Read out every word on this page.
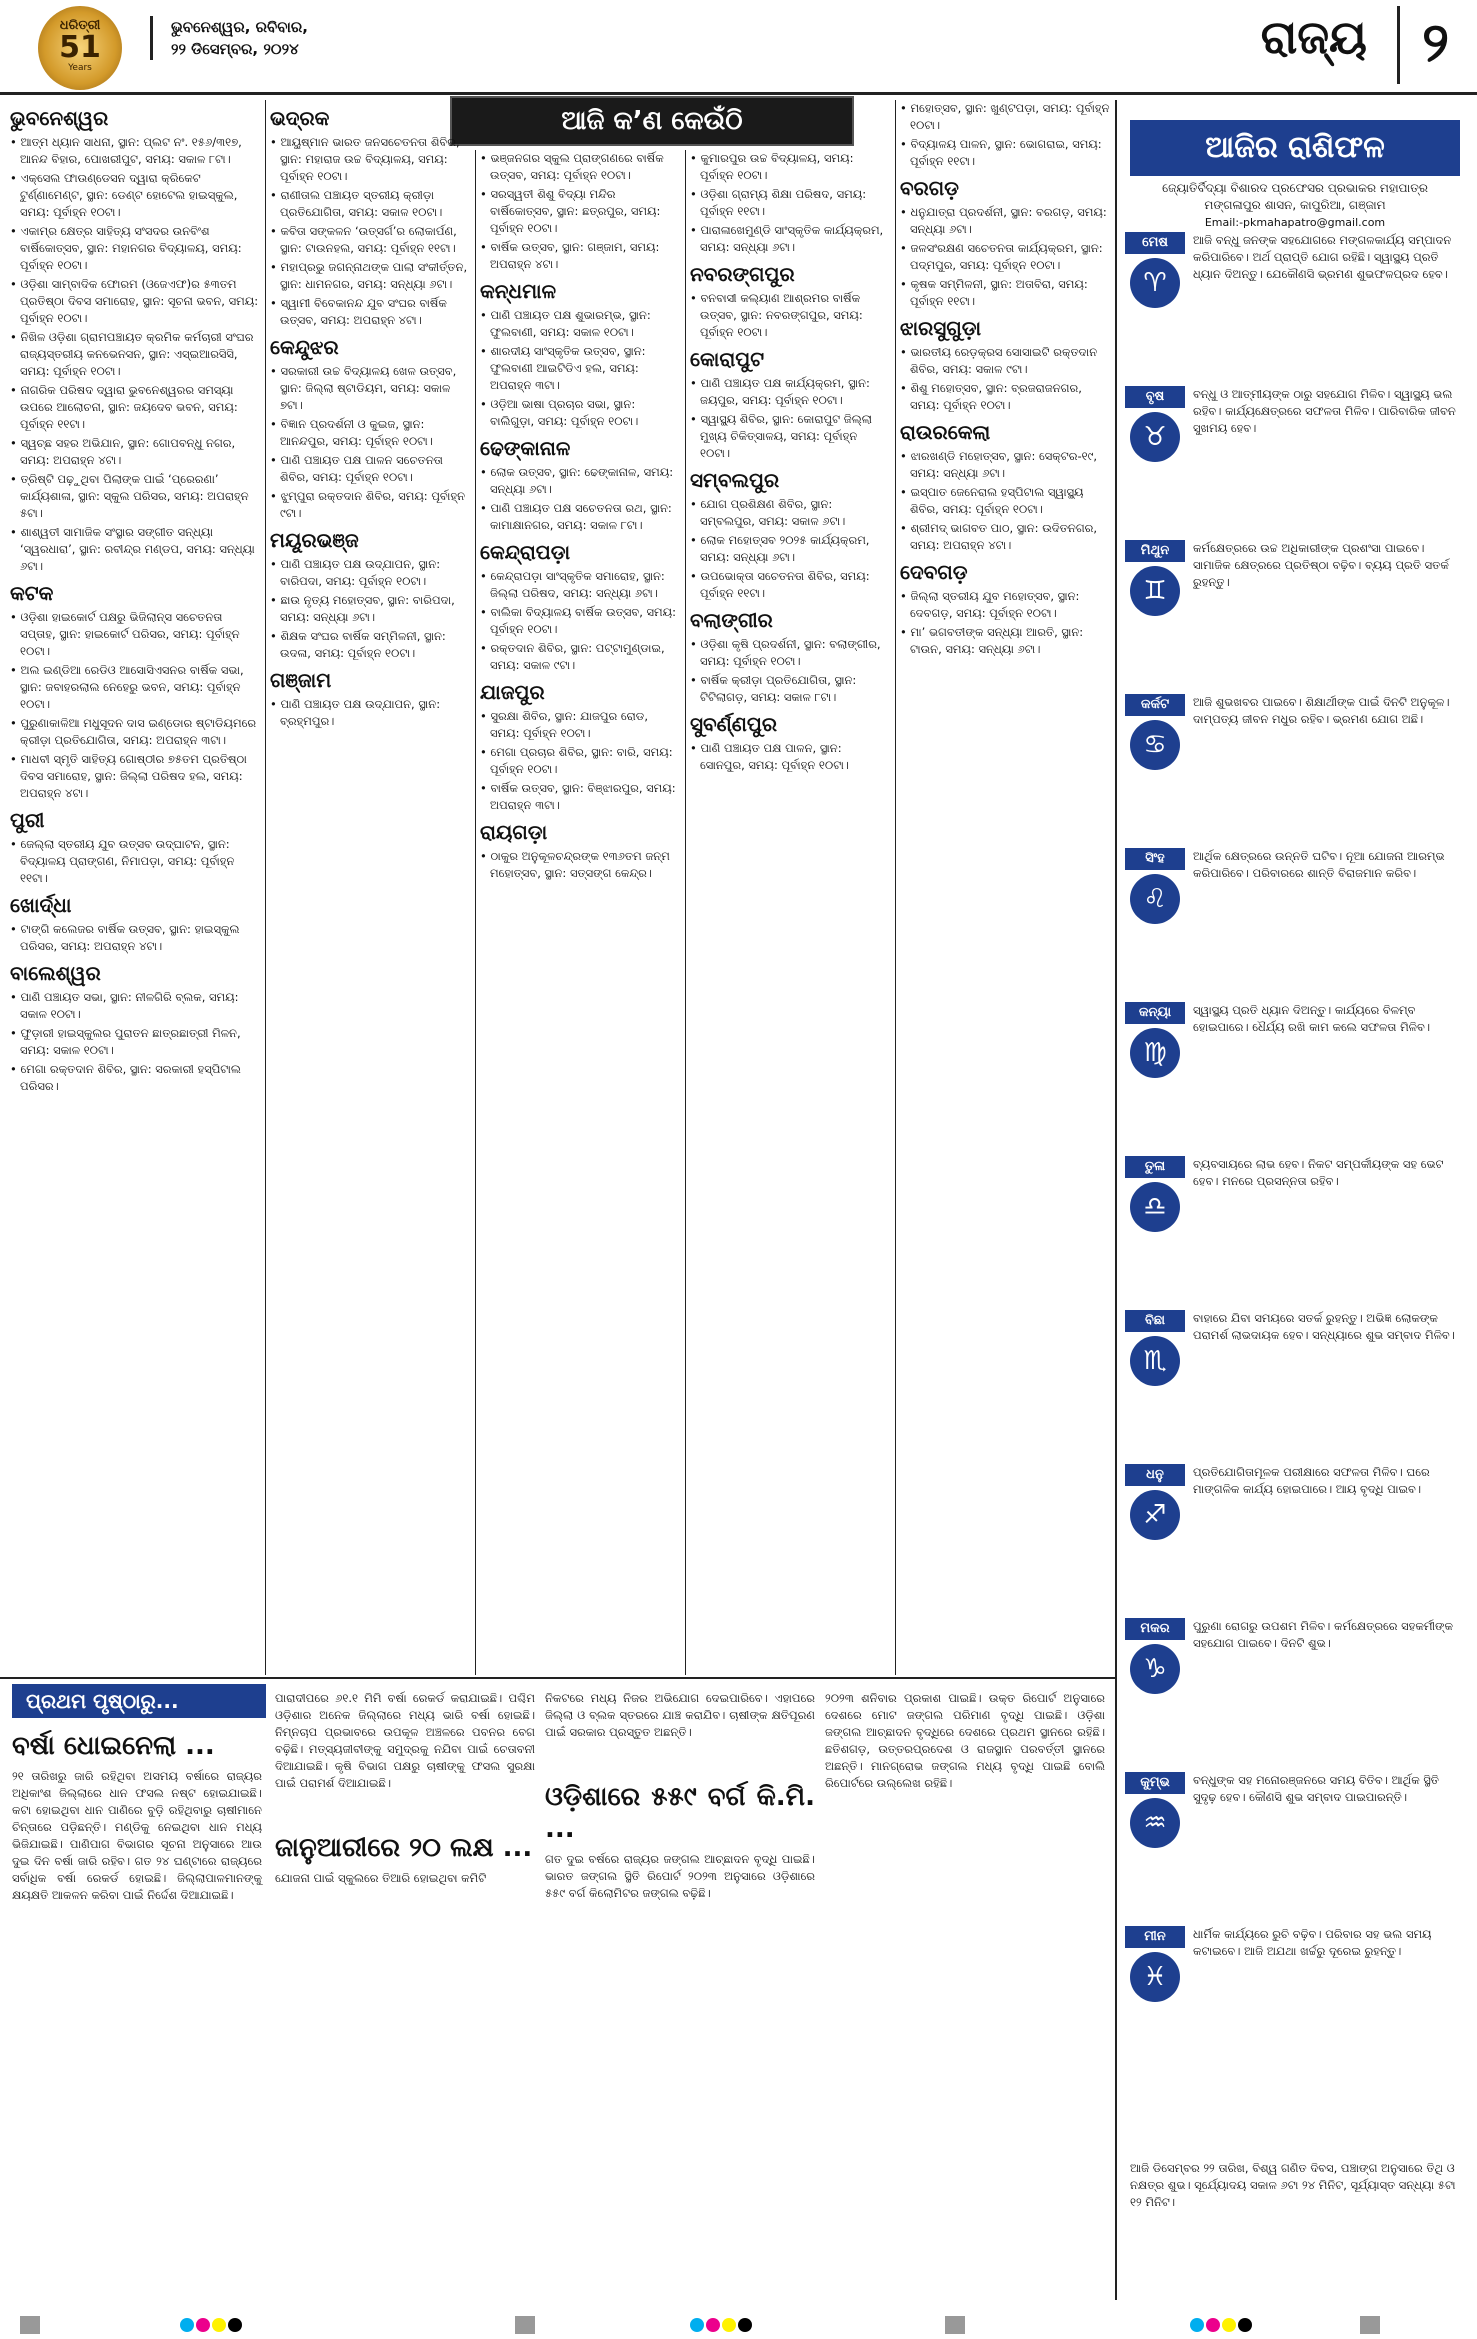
ଧରିତ୍ରୀ
51
Years
ଭୁବନେଶ୍ୱର, ରବିବାର,
୨୨ ଡିସେମ୍ବର, ୨୦୨୪	ରାଜ୍ୟ	୨
ଆଜି କ’ଣ କେଉଁଠି
ଭୁବନେଶ୍ୱର
• ଆତ୍ମ ଧ୍ୟାନ ସାଧନା, ସ୍ଥାନ: ପ୍ଲଟ ନଂ. ୧୫୬/୩୧୭, ଆନନ୍ଦ ବିହାର, ପୋଖରୀପୁଟ, ସମୟ: ସକାଳ ୮ଟା।
• ଏକ୍ସେଲ ଫାଉଣ୍ଡେସନ ଦ୍ୱାରା କ୍ରିକେଟ ଟୁର୍ଣ୍ଣାମେଣ୍ଟ, ସ୍ଥାନ: ଡେଣ୍ଟ ହୋଟେଲ ହାଇସ୍କୁଲ, ସମୟ: ପୂର୍ବାହ୍ନ ୧୦ଟା।
• ଏକାମ୍ର କ୍ଷେତ୍ର ସାହିତ୍ୟ ସଂସଦର ଉନବିଂଶ ବାର୍ଷିକୋତ୍ସବ, ସ୍ଥାନ: ମହାନଗର ବିଦ୍ୟାଳୟ, ସମୟ: ପୂର୍ବାହ୍ନ ୧୦ଟା।
• ଓଡ଼ିଶା ସାମ୍ବାଦିକ ଫୋରମ (ଓଜେଏଫ)ର ୫୩ତମ ପ୍ରତିଷ୍ଠା ଦିବସ ସମାରୋହ, ସ୍ଥାନ: ସୂଚନା ଭବନ, ସମୟ: ପୂର୍ବାହ୍ନ ୧୦ଟା।
• ନିଖିଳ ଓଡ଼ିଶା ଗ୍ରାମପଞ୍ଚାୟତ କ୍ରମିକ କର୍ମଚାରୀ ସଂଘର ରାଜ୍ୟସ୍ତରୀୟ କନଭେନସନ, ସ୍ଥାନ: ଏସ୍‌ଇଆରସିସି, ସମୟ: ପୂର୍ବାହ୍ନ ୧୦ଟା।
• ନାଗରିକ ପରିଷଦ ଦ୍ୱାରା ଭୁବନେଶ୍ୱରର ସମସ୍ୟା ଉପରେ ଆଲୋଚନା, ସ୍ଥାନ: ଜୟଦେବ ଭବନ, ସମୟ: ପୂର୍ବାହ୍ନ ୧୧ଟା।
• ସ୍ୱଚ୍ଛ ସହର ଅଭିଯାନ, ସ୍ଥାନ: ଗୋପବନ୍ଧୁ ନଗର, ସମୟ: ଅପରାହ୍ନ ୪ଟା।
• ତ୍ରିଷ୍ଟି ପଢ଼ୁଥିବା ପିଲାଙ୍କ ପାଇଁ ‘ପ୍ରେରଣା’ କାର୍ଯ୍ୟଶାଳା, ସ୍ଥାନ: ସ୍କୁଲ ପରିସର, ସମୟ: ଅପରାହ୍ନ ୫ଟା।
• ଶାଶ୍ୱତୀ ସାମାଜିକ ସଂସ୍ଥାର ସଙ୍ଗୀତ ସନ୍ଧ୍ୟା ‘ସ୍ୱରଧାରା’, ସ୍ଥାନ: ରବୀନ୍ଦ୍ର ମଣ୍ଡପ, ସମୟ: ସନ୍ଧ୍ୟା ୬ଟା।
କଟକ
• ଓଡ଼ିଶା ହାଇକୋର୍ଟ ପକ୍ଷରୁ ଭିଜିଲାନ୍ସ ସଚେତନତା ସପ୍ତାହ, ସ୍ଥାନ: ହାଇକୋର୍ଟ ପରିସର, ସମୟ: ପୂର୍ବାହ୍ନ ୧୦ଟା।
• ଅଲ ଇଣ୍ଡିଆ ରେଡିଓ ଆସୋସିଏସନର ବାର୍ଷିକ ସଭା, ସ୍ଥାନ: ଜବାହରଲାଲ ନେହେରୁ ଭବନ, ସମୟ: ପୂର୍ବାହ୍ନ ୧୦ଟା।
• ପୁରୁଣାକାଳିଆ ମଧୁସୂଦନ ଦାସ ଇଣ୍ଡୋର ଷ୍ଟାଡିୟମରେ କ୍ରୀଡ଼ା ପ୍ରତିଯୋଗିତା, ସମୟ: ଅପରାହ୍ନ ୩ଟା।
• ମାଧବୀ ସ୍ମୃତି ସାହିତ୍ୟ ଗୋଷ୍ଠୀର ୭୫ତମ ପ୍ରତିଷ୍ଠା ଦିବସ ସମାରୋହ, ସ୍ଥାନ: ଜିଲ୍ଲା ପରିଷଦ ହଲ, ସମୟ: ଅପରାହ୍ନ ୪ଟା।
ପୁରୀ
• ଜେଲ୍ଲା ସ୍ତରୀୟ ଯୁବ ଉତ୍ସବ ଉଦ୍‌ଘାଟନ, ସ୍ଥାନ: ବିଦ୍ୟାଳୟ ପ୍ରାଙ୍ଗଣ, ନିମାପଡ଼ା, ସମୟ: ପୂର୍ବାହ୍ନ ୧୧ଟା।
ଖୋର୍ଦ୍ଧା
• ଟାଙ୍ଗି କଲେଜର ବାର୍ଷିକ ଉତ୍ସବ, ସ୍ଥାନ: ହାଇସ୍କୁଲ ପରିସର, ସମୟ: ଅପରାହ୍ନ ୪ଟା।
ବାଲେଶ୍ୱର
• ପାଣି ପଞ୍ଚାୟତ ସଭା, ସ୍ଥାନ: ନୀଳଗିରି ବ୍ଲକ, ସମୟ: ସକାଳ ୧୦ଟା।
• ଫୁଡ଼ାରୀ ହାଇସ୍କୁଲର ପୁରାତନ ଛାତ୍ରଛାତ୍ରୀ ମିଳନ, ସମୟ: ସକାଳ ୧୦ଟା।
• ମେଗା ରକ୍ତଦାନ ଶିବିର, ସ୍ଥାନ: ସରକାରୀ ହସ୍ପିଟାଲ ପରିସର।
ଭଦ୍ରକ
• ଆୟୁଷ୍ମାନ ଭାରତ ଜନସଚେତନତା ଶିବିର, ସ୍ଥାନ: ମହାରାଜ ଉଚ୍ଚ ବିଦ୍ୟାଳୟ, ସମୟ: ପୂର୍ବାହ୍ନ ୧୦ଟା।
• ରାଣୀତାଲ ପଞ୍ଚାୟତ ସ୍ତରୀୟ କ୍ରୀଡ଼ା ପ୍ରତିଯୋଗିତା, ସମୟ: ସକାଳ ୧୦ଟା।
• କବିତା ସଙ୍କଳନ ‘ଉତ୍ସର୍ଗ’ର ଲୋକାର୍ପଣ, ସ୍ଥାନ: ଟାଉନହଲ, ସମୟ: ପୂର୍ବାହ୍ନ ୧୧ଟା।
• ମହାପ୍ରଭୁ ଜଗନ୍ନାଥଙ୍କ ପାଲା ସଂକୀର୍ତ୍ତନ, ସ୍ଥାନ: ଧାମନଗର, ସମୟ: ସନ୍ଧ୍ୟା ୬ଟା।
• ସ୍ୱାମୀ ବିବେକାନନ୍ଦ ଯୁବ ସଂଘର ବାର୍ଷିକ ଉତ୍ସବ, ସମୟ: ଅପରାହ୍ନ ୪ଟା।
କେନ୍ଦୁଝର
• ସରକାରୀ ଉଚ୍ଚ ବିଦ୍ୟାଳୟ ଖେଳ ଉତ୍ସବ, ସ୍ଥାନ: ଜିଲ୍ଲା ଷ୍ଟାଡିୟମ, ସମୟ: ସକାଳ ୭ଟା।
• ବିଜ୍ଞାନ ପ୍ରଦର୍ଶନୀ ଓ କୁଇଜ, ସ୍ଥାନ: ଆନନ୍ଦପୁର, ସମୟ: ପୂର୍ବାହ୍ନ ୧୦ଟା।
• ପାଣି ପଞ୍ଚାୟତ ପକ୍ଷ ପାଳନ ସଚେତନତା ଶିବିର, ସମୟ: ପୂର୍ବାହ୍ନ ୧୦ଟା।
• ଝୁମ୍ପୁରା ରକ୍ତଦାନ ଶିବିର, ସମୟ: ପୂର୍ବାହ୍ନ ୯ଟା।
ମୟୂରଭଞ୍ଜ
• ପାଣି ପଞ୍ଚାୟତ ପକ୍ଷ ଉଦ୍‌ଯାପନ, ସ୍ଥାନ: ବାରିପଦା, ସମୟ: ପୂର୍ବାହ୍ନ ୧୦ଟା।
• ଛାଉ ନୃତ୍ୟ ମହୋତ୍ସବ, ସ୍ଥାନ: ବାରିପଦା, ସମୟ: ସନ୍ଧ୍ୟା ୬ଟା।
• ଶିକ୍ଷକ ସଂଘର ବାର୍ଷିକ ସମ୍ମିଳନୀ, ସ୍ଥାନ: ଉଦଳା, ସମୟ: ପୂର୍ବାହ୍ନ ୧୦ଟା।
ଗଞ୍ଜାମ
• ପାଣି ପଞ୍ଚାୟତ ପକ୍ଷ ଉଦ୍‌ଯାପନ, ସ୍ଥାନ: ବ୍ରହ୍ମପୁର।
• ଭଞ୍ଜନଗର ସ୍କୁଲ ପ୍ରାଙ୍ଗଣରେ ବାର୍ଷିକ ଉତ୍ସବ, ସମୟ: ପୂର୍ବାହ୍ନ ୧୦ଟା।
• ସରସ୍ୱତୀ ଶିଶୁ ବିଦ୍ୟା ମନ୍ଦିର ବାର୍ଷିକୋତ୍ସବ, ସ୍ଥାନ: ଛତ୍ରପୁର, ସମୟ: ପୂର୍ବାହ୍ନ ୧୦ଟା।
• ବାର୍ଷିକ ଉତ୍ସବ, ସ୍ଥାନ: ଗଞ୍ଜାମ, ସମୟ: ଅପରାହ୍ନ ୪ଟା।
କନ୍ଧମାଳ
• ପାଣି ପଞ୍ଚାୟତ ପକ୍ଷ ଶୁଭାରମ୍ଭ, ସ୍ଥାନ: ଫୁଲବାଣୀ, ସମୟ: ସକାଳ ୧୦ଟା।
• ଶାରଦୀୟ ସାଂସ୍କୃତିକ ଉତ୍ସବ, ସ୍ଥାନ: ଫୁଲବାଣୀ ଆଇଟିଡିଏ ହଲ, ସମୟ: ଅପରାହ୍ନ ୩ଟା।
• ଓଡ଼ିଆ ଭାଷା ପ୍ରଚାର ସଭା, ସ୍ଥାନ: ବାଲିଗୁଡ଼ା, ସମୟ: ପୂର୍ବାହ୍ନ ୧୦ଟା।
ଢେଙ୍କାନାଳ
• ଲୋକ ଉତ୍ସବ, ସ୍ଥାନ: ଢେଙ୍କାନାଳ, ସମୟ: ସନ୍ଧ୍ୟା ୬ଟା।
• ପାଣି ପଞ୍ଚାୟତ ପକ୍ଷ ସଚେତନତା ରଥ, ସ୍ଥାନ: କାମାକ୍ଷାନଗର, ସମୟ: ସକାଳ ୮ଟା।
କେନ୍ଦ୍ରାପଡ଼ା
• କେନ୍ଦ୍ରାପଡ଼ା ସାଂସ୍କୃତିକ ସମାରୋହ, ସ୍ଥାନ: ଜିଲ୍ଲା ପରିଷଦ, ସମୟ: ସନ୍ଧ୍ୟା ୬ଟା।
• ବାଲିକା ବିଦ୍ୟାଳୟ ବାର୍ଷିକ ଉତ୍ସବ, ସମୟ: ପୂର୍ବାହ୍ନ ୧୦ଟା।
• ରକ୍ତଦାନ ଶିବିର, ସ୍ଥାନ: ପଟ୍ଟାମୁଣ୍ଡାଇ, ସମୟ: ସକାଳ ୯ଟା।
ଯାଜପୁର
• ସୁରକ୍ଷା ଶିବିର, ସ୍ଥାନ: ଯାଜପୁର ରୋଡ, ସମୟ: ପୂର୍ବାହ୍ନ ୧୦ଟା।
• ମେଗା ପ୍ରଚାର ଶିବିର, ସ୍ଥାନ: ବାରି, ସମୟ: ପୂର୍ବାହ୍ନ ୧୦ଟା।
• ବାର୍ଷିକ ଉତ୍ସବ, ସ୍ଥାନ: ବିଞ୍ଝାରପୁର, ସମୟ: ଅପରାହ୍ନ ୩ଟା।
ରାୟଗଡ଼ା
• ଠାକୁର ଅନୁକୂଳଚନ୍ଦ୍ରଙ୍କ ୧୩୬ତମ ଜନ୍ମ ମହୋତ୍ସବ, ସ୍ଥାନ: ସତ୍‌ସଙ୍ଗ କେନ୍ଦ୍ର।
• କୁମାରପୁର ଉଚ୍ଚ ବିଦ୍ୟାଳୟ, ସମୟ: ପୂର୍ବାହ୍ନ ୧୦ଟା।
• ଓଡ଼ିଶା ଗ୍ରାମ୍ୟ ଶିକ୍ଷା ପରିଷଦ, ସମୟ: ପୂର୍ବାହ୍ନ ୧୧ଟା।
• ପାରାଳାଖେମୁଣ୍ଡି ସାଂସ୍କୃତିକ କାର୍ଯ୍ୟକ୍ରମ, ସମୟ: ସନ୍ଧ୍ୟା ୬ଟା।
ନବରଙ୍ଗପୁର
• ବନବାସୀ କଲ୍ୟାଣ ଆଶ୍ରମର ବାର୍ଷିକ ଉତ୍ସବ, ସ୍ଥାନ: ନବରଙ୍ଗପୁର, ସମୟ: ପୂର୍ବାହ୍ନ ୧୦ଟା।
କୋରାପୁଟ
• ପାଣି ପଞ୍ଚାୟତ ପକ୍ଷ କାର୍ଯ୍ୟକ୍ରମ, ସ୍ଥାନ: ଜୟପୁର, ସମୟ: ପୂର୍ବାହ୍ନ ୧୦ଟା।
• ସ୍ୱାସ୍ଥ୍ୟ ଶିବିର, ସ୍ଥାନ: କୋରାପୁଟ ଜିଲ୍ଲା ମୁଖ୍ୟ ଚିକିତ୍ସାଳୟ, ସମୟ: ପୂର୍ବାହ୍ନ ୧୦ଟା।
ସମ୍ବଲପୁର
• ଯୋଗ ପ୍ରଶିକ୍ଷଣ ଶିବିର, ସ୍ଥାନ: ସମ୍ବଲପୁର, ସମୟ: ସକାଳ ୬ଟା।
• ଲୋକ ମହୋତ୍ସବ ୨୦୨୫ କାର୍ଯ୍ୟକ୍ରମ, ସମୟ: ସନ୍ଧ୍ୟା ୬ଟା।
• ଉପଭୋକ୍ତା ସଚେତନତା ଶିବିର, ସମୟ: ପୂର୍ବାହ୍ନ ୧୧ଟା।
ବଲାଙ୍ଗୀର
• ଓଡ଼ିଶା କୃଷି ପ୍ରଦର୍ଶନୀ, ସ୍ଥାନ: ବଲାଙ୍ଗୀର, ସମୟ: ପୂର୍ବାହ୍ନ ୧୦ଟା।
• ବାର୍ଷିକ କ୍ରୀଡ଼ା ପ୍ରତିଯୋଗିତା, ସ୍ଥାନ: ଟିଟିଲାଗଡ଼, ସମୟ: ସକାଳ ୮ଟା।
ସୁବର୍ଣ୍ଣପୁର
• ପାଣି ପଞ୍ଚାୟତ ପକ୍ଷ ପାଳନ, ସ୍ଥାନ: ସୋନପୁର, ସମୟ: ପୂର୍ବାହ୍ନ ୧୦ଟା।
• ମହୋତ୍ସବ, ସ୍ଥାନ: ଖୁଣ୍ଟପଡ଼ା, ସମୟ: ପୂର୍ବାହ୍ନ ୧୦ଟା।
• ବିଦ୍ୟାଳୟ ପାଳନ, ସ୍ଥାନ: ଭୋଗରାଇ, ସମୟ: ପୂର୍ବାହ୍ନ ୧୧ଟା।
ବରଗଡ଼
• ଧନୁଯାତ୍ରା ପ୍ରଦର୍ଶନୀ, ସ୍ଥାନ: ବରଗଡ଼, ସମୟ: ସନ୍ଧ୍ୟା ୬ଟା।
• ଜଳସଂରକ୍ଷଣ ସଚେତନତା କାର୍ଯ୍ୟକ୍ରମ, ସ୍ଥାନ: ପଦ୍ମପୁର, ସମୟ: ପୂର୍ବାହ୍ନ ୧୦ଟା।
• କୃଷକ ସମ୍ମିଳନୀ, ସ୍ଥାନ: ଅତାବିରା, ସମୟ: ପୂର୍ବାହ୍ନ ୧୧ଟା।
ଝାରସୁଗୁଡ଼ା
• ଭାରତୀୟ ରେଡ଼କ୍ରସ ସୋସାଇଟି ରକ୍ତଦାନ ଶିବିର, ସମୟ: ସକାଳ ୯ଟା।
• ଶିଶୁ ମହୋତ୍ସବ, ସ୍ଥାନ: ବ୍ରଜରାଜନଗର, ସମୟ: ପୂର୍ବାହ୍ନ ୧୦ଟା।
ରାଉରକେଲା
• ଝାରଖଣ୍ଡି ମହୋତ୍ସବ, ସ୍ଥାନ: ସେକ୍ଟର-୧୯, ସମୟ: ସନ୍ଧ୍ୟା ୬ଟା।
• ଇସ୍ପାତ ଜେନେରାଲ ହସ୍ପିଟାଲ ସ୍ୱାସ୍ଥ୍ୟ ଶିବିର, ସମୟ: ପୂର୍ବାହ୍ନ ୧୦ଟା।
• ଶ୍ରୀମଦ୍ ଭାଗବତ ପାଠ, ସ୍ଥାନ: ଉଦିତନଗର, ସମୟ: ଅପରାହ୍ନ ୪ଟା।
ଦେବଗଡ଼
• ଜିଲ୍ଲା ସ୍ତରୀୟ ଯୁବ ମହୋତ୍ସବ, ସ୍ଥାନ: ଦେବଗଡ଼, ସମୟ: ପୂର୍ବାହ୍ନ ୧୦ଟା।
• ମା’ ଭଗବତୀଙ୍କ ସନ୍ଧ୍ୟା ଆରତି, ସ୍ଥାନ: ଟାଉନ, ସମୟ: ସନ୍ଧ୍ୟା ୬ଟା।
ଆଜିର ରାଶିଫଳ
ଜ୍ୟୋତିର୍ବିଦ୍ୟା ବିଶାରଦ ପ୍ରଫେସର ପ୍ରଭାକର ମହାପାତ୍ର
ମଙ୍ଗଳାପୁର ଶାସନ, କାପୁରିଆ, ଗଞ୍ଜାମ
Email:-pkmahapatro@gmail.com
ମେଷ
♈
ଆଜି ବନ୍ଧୁ ଜନଙ୍କ ସହଯୋଗରେ ମଙ୍ଗଳକାର୍ଯ୍ୟ ସମ୍ପାଦନ କରିପାରିବେ। ଅର୍ଥ ପ୍ରାପ୍ତି ଯୋଗ ରହିଛି। ସ୍ୱାସ୍ଥ୍ୟ ପ୍ରତି ଧ୍ୟାନ ଦିଅନ୍ତୁ। ଯେକୌଣସି ଭ୍ରମଣ ଶୁଭଫଳପ୍ରଦ ହେବ।
ବୃଷ
♉
ବନ୍ଧୁ ଓ ଆତ୍ମୀୟଙ୍କ ଠାରୁ ସହଯୋଗ ମିଳିବ। ସ୍ୱାସ୍ଥ୍ୟ ଭଲ ରହିବ। କାର୍ଯ୍ୟକ୍ଷେତ୍ରରେ ସଫଳତା ମିଳିବ। ପାରିବାରିକ ଜୀବନ ସୁଖମୟ ହେବ।
ମିଥୁନ
♊
କର୍ମକ୍ଷେତ୍ରରେ ଉଚ୍ଚ ଅଧିକାରୀଙ୍କ ପ୍ରଶଂସା ପାଇବେ। ସାମାଜିକ କ୍ଷେତ୍ରରେ ପ୍ରତିଷ୍ଠା ବଢ଼ିବ। ବ୍ୟୟ ପ୍ରତି ସତର୍କ ରୁହନ୍ତୁ।
କର୍କଟ
♋
ଆଜି ଶୁଭଖବର ପାଇବେ। ଶିକ୍ଷାର୍ଥୀଙ୍କ ପାଇଁ ଦିନଟି ଅନୁକୂଳ। ଦାମ୍ପତ୍ୟ ଜୀବନ ମଧୁର ରହିବ। ଭ୍ରମଣ ଯୋଗ ଅଛି।
ସିଂହ
♌
ଆର୍ଥିକ କ୍ଷେତ୍ରରେ ଉନ୍ନତି ଘଟିବ। ନୂଆ ଯୋଜନା ଆରମ୍ଭ କରିପାରିବେ। ପରିବାରରେ ଶାନ୍ତି ବିରାଜମାନ କରିବ।
କନ୍ୟା
♍
ସ୍ୱାସ୍ଥ୍ୟ ପ୍ରତି ଧ୍ୟାନ ଦିଅନ୍ତୁ। କାର୍ଯ୍ୟରେ ବିଳମ୍ବ ହୋଇପାରେ। ଧୈର୍ଯ୍ୟ ରଖି କାମ କଲେ ସଫଳତା ମିଳିବ।
ତୁଳା
♎
ବ୍ୟବସାୟରେ ଲାଭ ହେବ। ନିକଟ ସମ୍ପର୍କୀୟଙ୍କ ସହ ଭେଟ ହେବ। ମନରେ ପ୍ରସନ୍ନତା ରହିବ।
ବିଛା
♏
ବାହାରେ ଯିବା ସମୟରେ ସତର୍କ ରୁହନ୍ତୁ। ଅଭିଜ୍ଞ ଲୋକଙ୍କ ପରାମର୍ଶ ଲାଭଦାୟକ ହେବ। ସନ୍ଧ୍ୟାରେ ଶୁଭ ସମ୍ବାଦ ମିଳିବ।
ଧନୁ
♐
ପ୍ରତିଯୋଗିତାମୂଳକ ପରୀକ୍ଷାରେ ସଫଳତା ମିଳିବ। ଘରେ ମାଙ୍ଗଳିକ କାର୍ଯ୍ୟ ହୋଇପାରେ। ଆୟ ବୃଦ୍ଧି ପାଇବ।
ମକର
♑
ପୁରୁଣା ରୋଗରୁ ଉପଶମ ମିଳିବ। କର୍ମକ୍ଷେତ୍ରରେ ସହକର୍ମୀଙ୍କ ସହଯୋଗ ପାଇବେ। ଦିନଟି ଶୁଭ।
କୁମ୍ଭ
♒
ବନ୍ଧୁଙ୍କ ସହ ମନୋରଞ୍ଜନରେ ସମୟ ବିତିବ। ଆର୍ଥିକ ସ୍ଥିତି ସୁଦୃଢ଼ ହେବ। କୌଣସି ଶୁଭ ସମ୍ବାଦ ପାଇପାରନ୍ତି।
ମୀନ
♓
ଧାର୍ମିକ କାର୍ଯ୍ୟରେ ରୁଚି ବଢ଼ିବ। ପରିବାର ସହ ଭଲ ସମୟ କଟାଇବେ। ଆଜି ଅଯଥା ଖର୍ଚ୍ଚରୁ ଦୂରେଇ ରୁହନ୍ତୁ।
ଆଜି ଡିସେମ୍ବର ୨୨ ତାରିଖ, ବିଶ୍ୱ ଗଣିତ ଦିବସ, ପଞ୍ଚାଙ୍ଗ ଅନୁସାରେ ତିଥି ଓ ନକ୍ଷତ୍ର ଶୁଭ। ସୂର୍ଯ୍ୟୋଦୟ ସକାଳ ୬ଟା ୨୪ ମିନିଟ, ସୂର୍ଯ୍ୟାସ୍ତ ସନ୍ଧ୍ୟା ୫ଟା ୧୨ ମିନିଟ।
ପ୍ରଥମ ପୃଷ୍ଠାରୁ...
ବର୍ଷା ଧୋଇନେଲା ...
୨୧ ତାରିଖରୁ ଜାରି ରହିଥିବା ଅସମୟ ବର୍ଷାରେ ରାଜ୍ୟର ଅଧିକାଂଶ ଜିଲ୍ଲାରେ ଧାନ ଫସଲ ନଷ୍ଟ ହୋଇଯାଇଛି। କଟା ହୋଇଥିବା ଧାନ ପାଣିରେ ବୁଡ଼ି ରହିଥିବାରୁ ଚାଷୀମାନେ ଚିନ୍ତାରେ ପଡ଼ିଛନ୍ତି। ମଣ୍ଡିକୁ ନେଇଥିବା ଧାନ ମଧ୍ୟ ଭିଜିଯାଇଛି। ପାଣିପାଗ ବିଭାଗର ସୂଚନା ଅନୁସାରେ ଆଉ ଦୁଇ ଦିନ ବର୍ଷା ଜାରି ରହିବ। ଗତ ୨୪ ଘଣ୍ଟାରେ ରାଜ୍ୟରେ ସର୍ବାଧିକ ବର୍ଷା ରେକର୍ଡ ହୋଇଛି। ଜିଲ୍ଲାପାଳମାନଙ୍କୁ କ୍ଷୟକ୍ଷତି ଆକଳନ କରିବା ପାଇଁ ନିର୍ଦ୍ଦେଶ ଦିଆଯାଇଛି।
ପାରାଦୀପରେ ୬୧.୧ ମିମି ବର୍ଷା ରେକର୍ଡ କରାଯାଇଛି। ପଶ୍ଚିମ ଓଡ଼ିଶାର ଅନେକ ଜିଲ୍ଲାରେ ମଧ୍ୟ ଭାରି ବର୍ଷା ହୋଇଛି। ନିମ୍ନଚାପ ପ୍ରଭାବରେ ଉପକୂଳ ଅଞ୍ଚଳରେ ପବନର ବେଗ ବଢ଼ିଛି। ମତ୍ସ୍ୟଜୀବୀଙ୍କୁ ସମୁଦ୍ରକୁ ନଯିବା ପାଇଁ ଚେତାବନୀ ଦିଆଯାଇଛି। କୃଷି ବିଭାଗ ପକ୍ଷରୁ ଚାଷୀଙ୍କୁ ଫସଲ ସୁରକ୍ଷା ପାଇଁ ପରାମର୍ଶ ଦିଆଯାଇଛି।
ଜାନୁଆରୀରେ ୨୦ ଲକ୍ଷ ...
ଯୋଜନା ପାଇଁ ସ୍କୁଲରେ ତିଆରି ହୋଇଥିବା କମିଟି
ନିକଟରେ ମଧ୍ୟ ନିଜର ଅଭିଯୋଗ ଦେଇପାରିବେ। ଏହାପରେ ଜିଲ୍ଲା ଓ ବ୍ଲକ ସ୍ତରରେ ଯାଞ୍ଚ କରାଯିବ। ଚାଷୀଙ୍କ କ୍ଷତିପୂରଣ ପାଇଁ ସରକାର ପ୍ରସ୍ତୁତ ଅଛନ୍ତି।
ଓଡ଼ିଶାରେ ୫୫୯ ବର୍ଗ କି.ମି. ...
ଗତ ଦୁଇ ବର୍ଷରେ ରାଜ୍ୟର ଜଙ୍ଗଲ ଆଚ୍ଛାଦନ ବୃଦ୍ଧି ପାଇଛି। ଭାରତ ଜଙ୍ଗଲ ସ୍ଥିତି ରିପୋର୍ଟ ୨୦୨୩ ଅନୁସାରେ ଓଡ଼ିଶାରେ ୫୫୯ ବର୍ଗ କିଲୋମିଟର ଜଙ୍ଗଲ ବଢ଼ିଛି।
୨୦୨୩ ଶନିବାର ପ୍ରକାଶ ପାଇଛି। ଉକ୍ତ ରିପୋର୍ଟ ଅନୁସାରେ ଦେଶରେ ମୋଟ ଜଙ୍ଗଲ ପରିମାଣ ବୃଦ୍ଧି ପାଇଛି। ଓଡ଼ିଶା ଜଙ୍ଗଲ ଆଚ୍ଛାଦନ ବୃଦ୍ଧିରେ ଦେଶରେ ପ୍ରଥମ ସ୍ଥାନରେ ରହିଛି। ଛତିଶଗଡ଼, ଉତ୍ତରପ୍ରଦେଶ ଓ ରାଜସ୍ଥାନ ପରବର୍ତ୍ତୀ ସ୍ଥାନରେ ଅଛନ୍ତି। ମାନଗ୍ରୋଭ ଜଙ୍ଗଲ ମଧ୍ୟ ବୃଦ୍ଧି ପାଇଛି ବୋଲି ରିପୋର୍ଟରେ ଉଲ୍ଲେଖ ରହିଛି।
